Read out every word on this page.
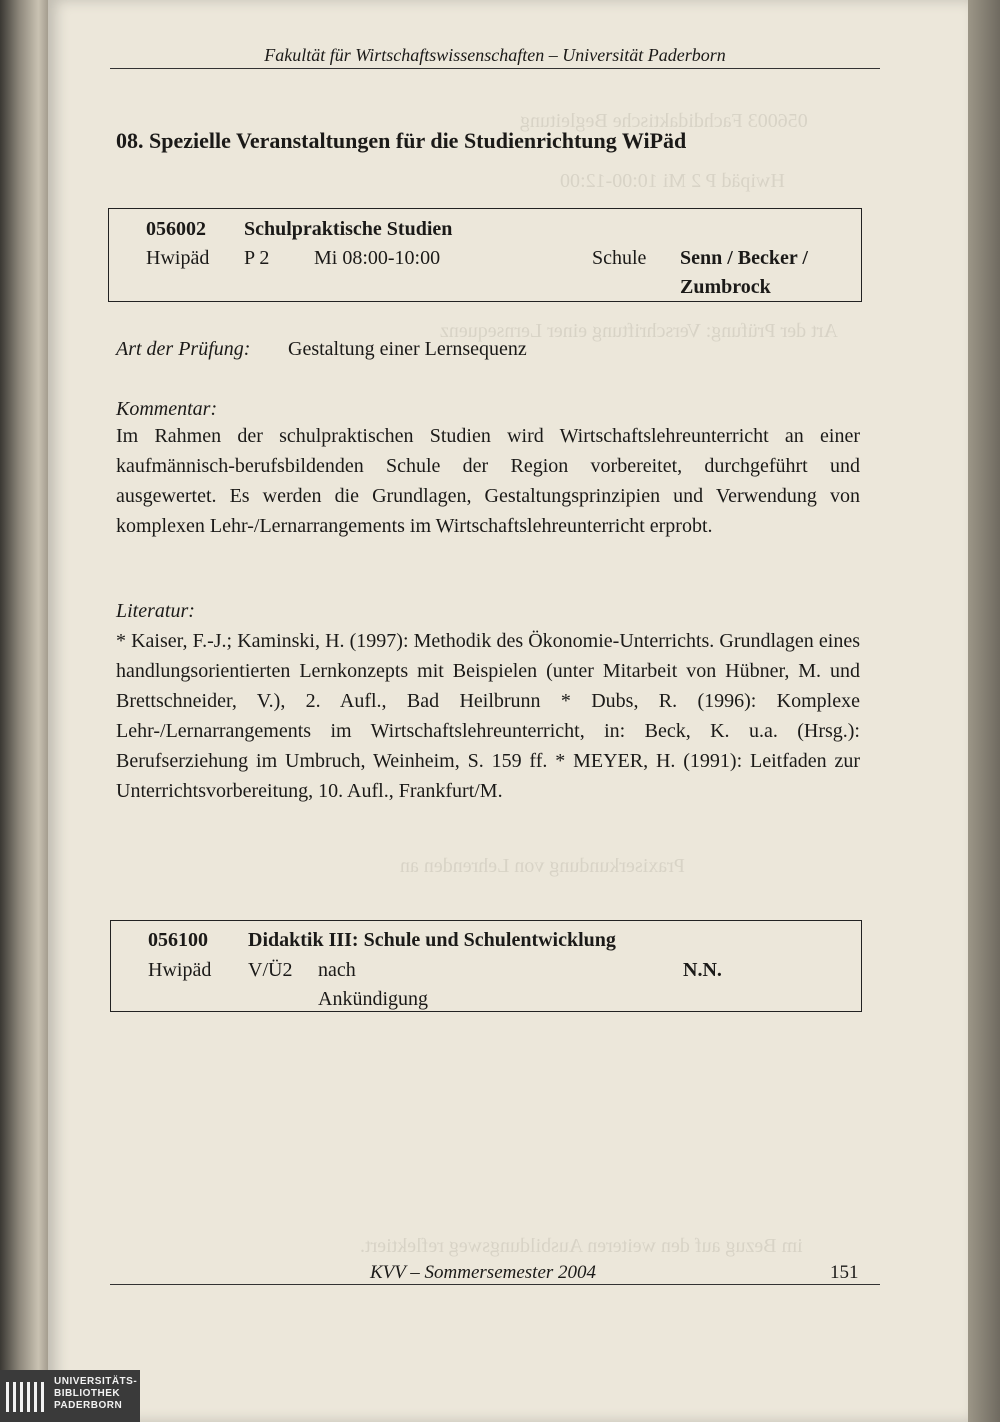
Fakultät für Wirtschaftswissenschaften – Universität Paderborn
08. Spezielle Veranstaltungen für die Studienrichtung WiPäd
056002 Schulpraktische Studien
Hwipäd P 2 Mi 08:00-10:00	Schule Senn / Becker /
Zumbrock
Art der Prüfung: Gestaltung einer Lernsequenz
Kommentar:
Im Rahmen der schulpraktischen Studien wird Wirtschaftslehreunterricht an einer kaufmännisch-berufsbildenden Schule der Region vorbereitet, durchgeführt und ausgewertet. Es werden die Grundlagen, Gestaltungsprinzipien und Verwendung von komplexen Lehr-/Lernarrangements im Wirtschaftslehreunterricht erprobt.
Literatur:
* Kaiser, F.-J.; Kaminski, H. (1997): Methodik des Ökonomie-Unterrichts. Grundlagen eines handlungsorientierten Lernkonzepts mit Beispielen (unter Mitarbeit von Hübner, M. und Brettschneider, V.), 2. Aufl., Bad Heilbrunn * Dubs, R. (1996): Komplexe Lehr-/Lernarrangements im Wirtschaftslehreunterricht, in: Beck, K. u.a. (Hrsg.): Berufserziehung im Umbruch, Weinheim, S. 159 ff. * MEYER, H. (1991): Leitfaden zur Unterrichtsvorbereitung, 10. Aufl., Frankfurt/M.
056100 Didaktik III: Schule und Schulentwicklung
Hwipäd V/Ü2 nach
Ankündigung
N.N.
KVV – Sommersemester 2004	151
UNIVERSITÄTS-
BIBLIOTHEK
PADERBORN
